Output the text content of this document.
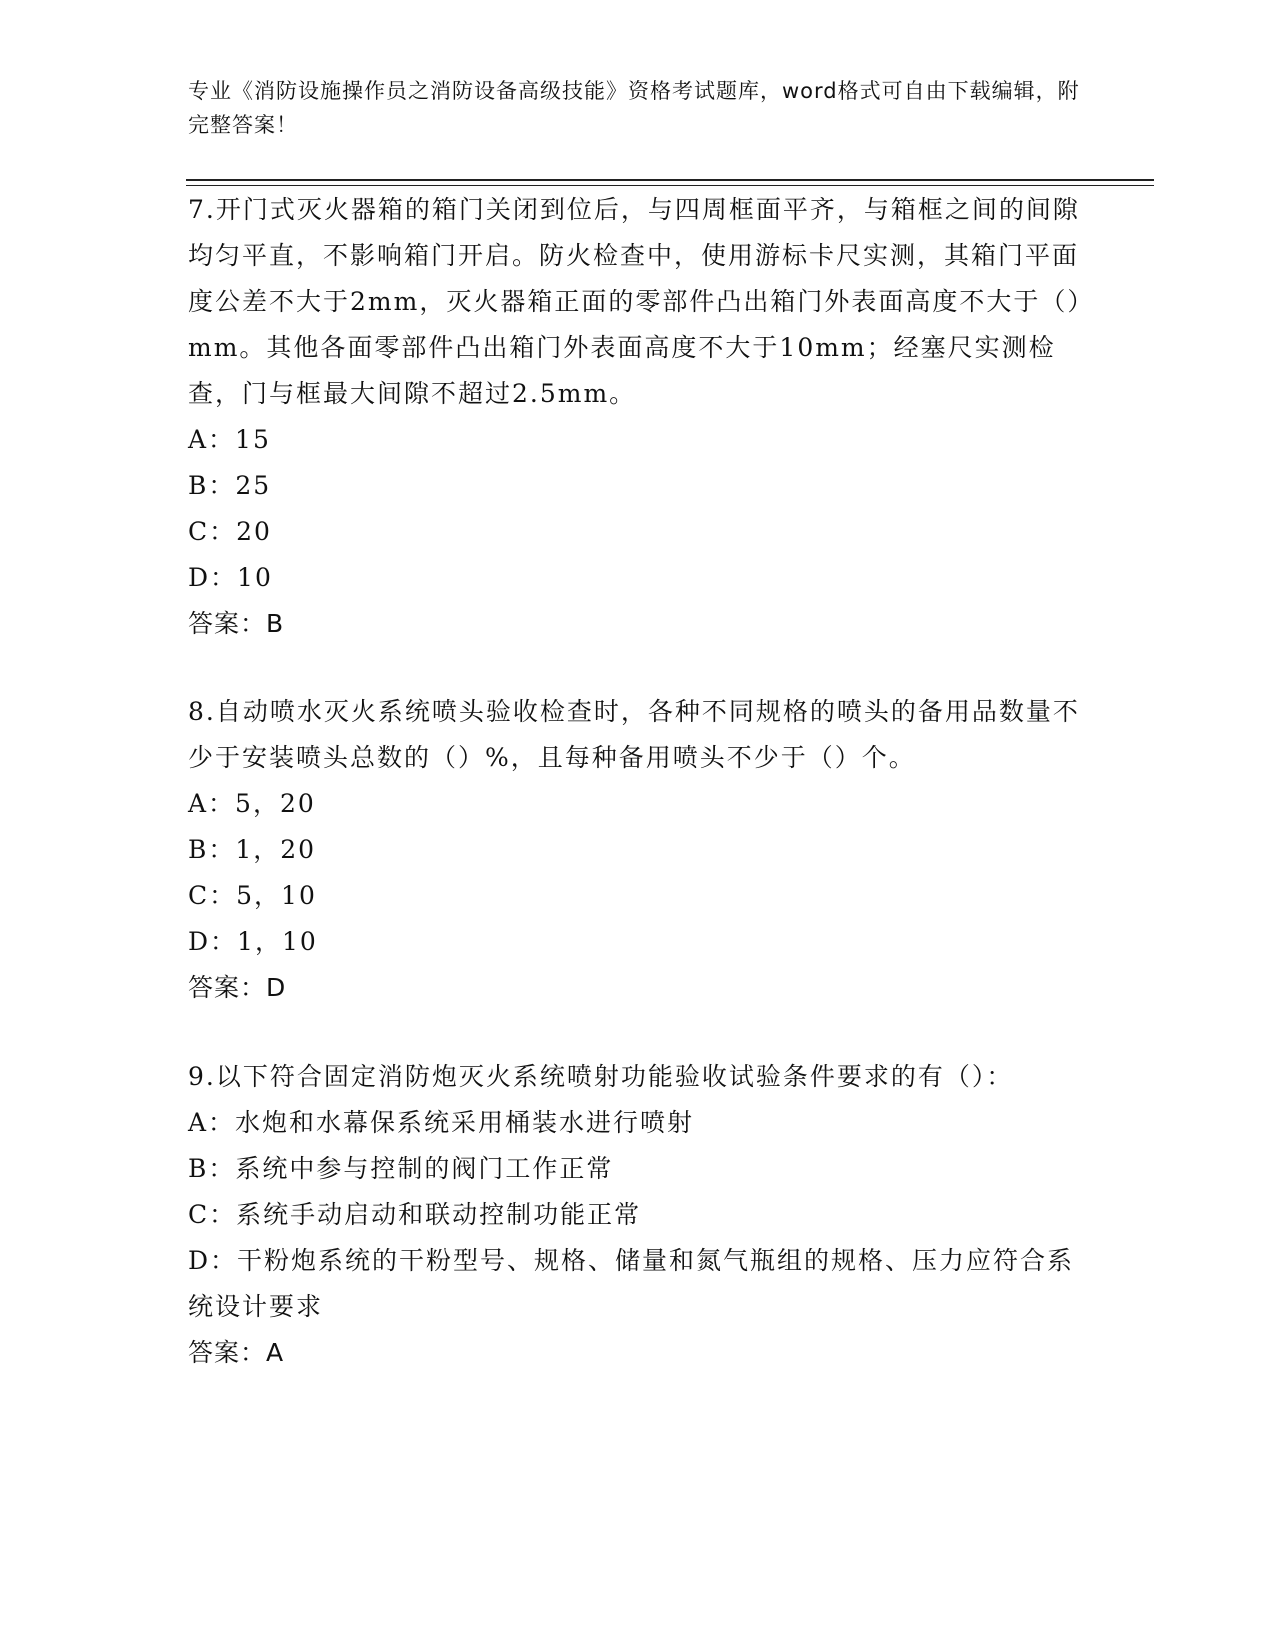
专业《消防设施操作员之消防设备高级技能》资格考试题库，word格式可自由下载编辑，附完整答案！

7.开门式灭火器箱的箱门关闭到位后，与四周框面平齐，与箱框之间的间隙均匀平直，不影响箱门开启。防火检查中，使用游标卡尺实测，其箱门平面度公差不大于2mm，灭火器箱正面的零部件凸出箱门外表面高度不大于（）mm。其他各面零部件凸出箱门外表面高度不大于10mm；经塞尺实测检查，门与框最大间隙不超过2.5mm。

A：15

B：25

C：20

D：10

答案：B

8.自动喷水灭火系统喷头验收检查时，各种不同规格的喷头的备用品数量不少于安装喷头总数的（）%，且每种备用喷头不少于（）个。

A：5，20

B：1，20

C：5，10

D：1，10

答案：D

9.以下符合固定消防炮灭火系统喷射功能验收试验条件要求的有（）：

A：水炮和水幕保系统采用桶装水进行喷射

B：系统中参与控制的阀门工作正常

C：系统手动启动和联动控制功能正常

D：干粉炮系统的干粉型号、规格、储量和氮气瓶组的规格、压力应符合系统设计要求

答案：A
